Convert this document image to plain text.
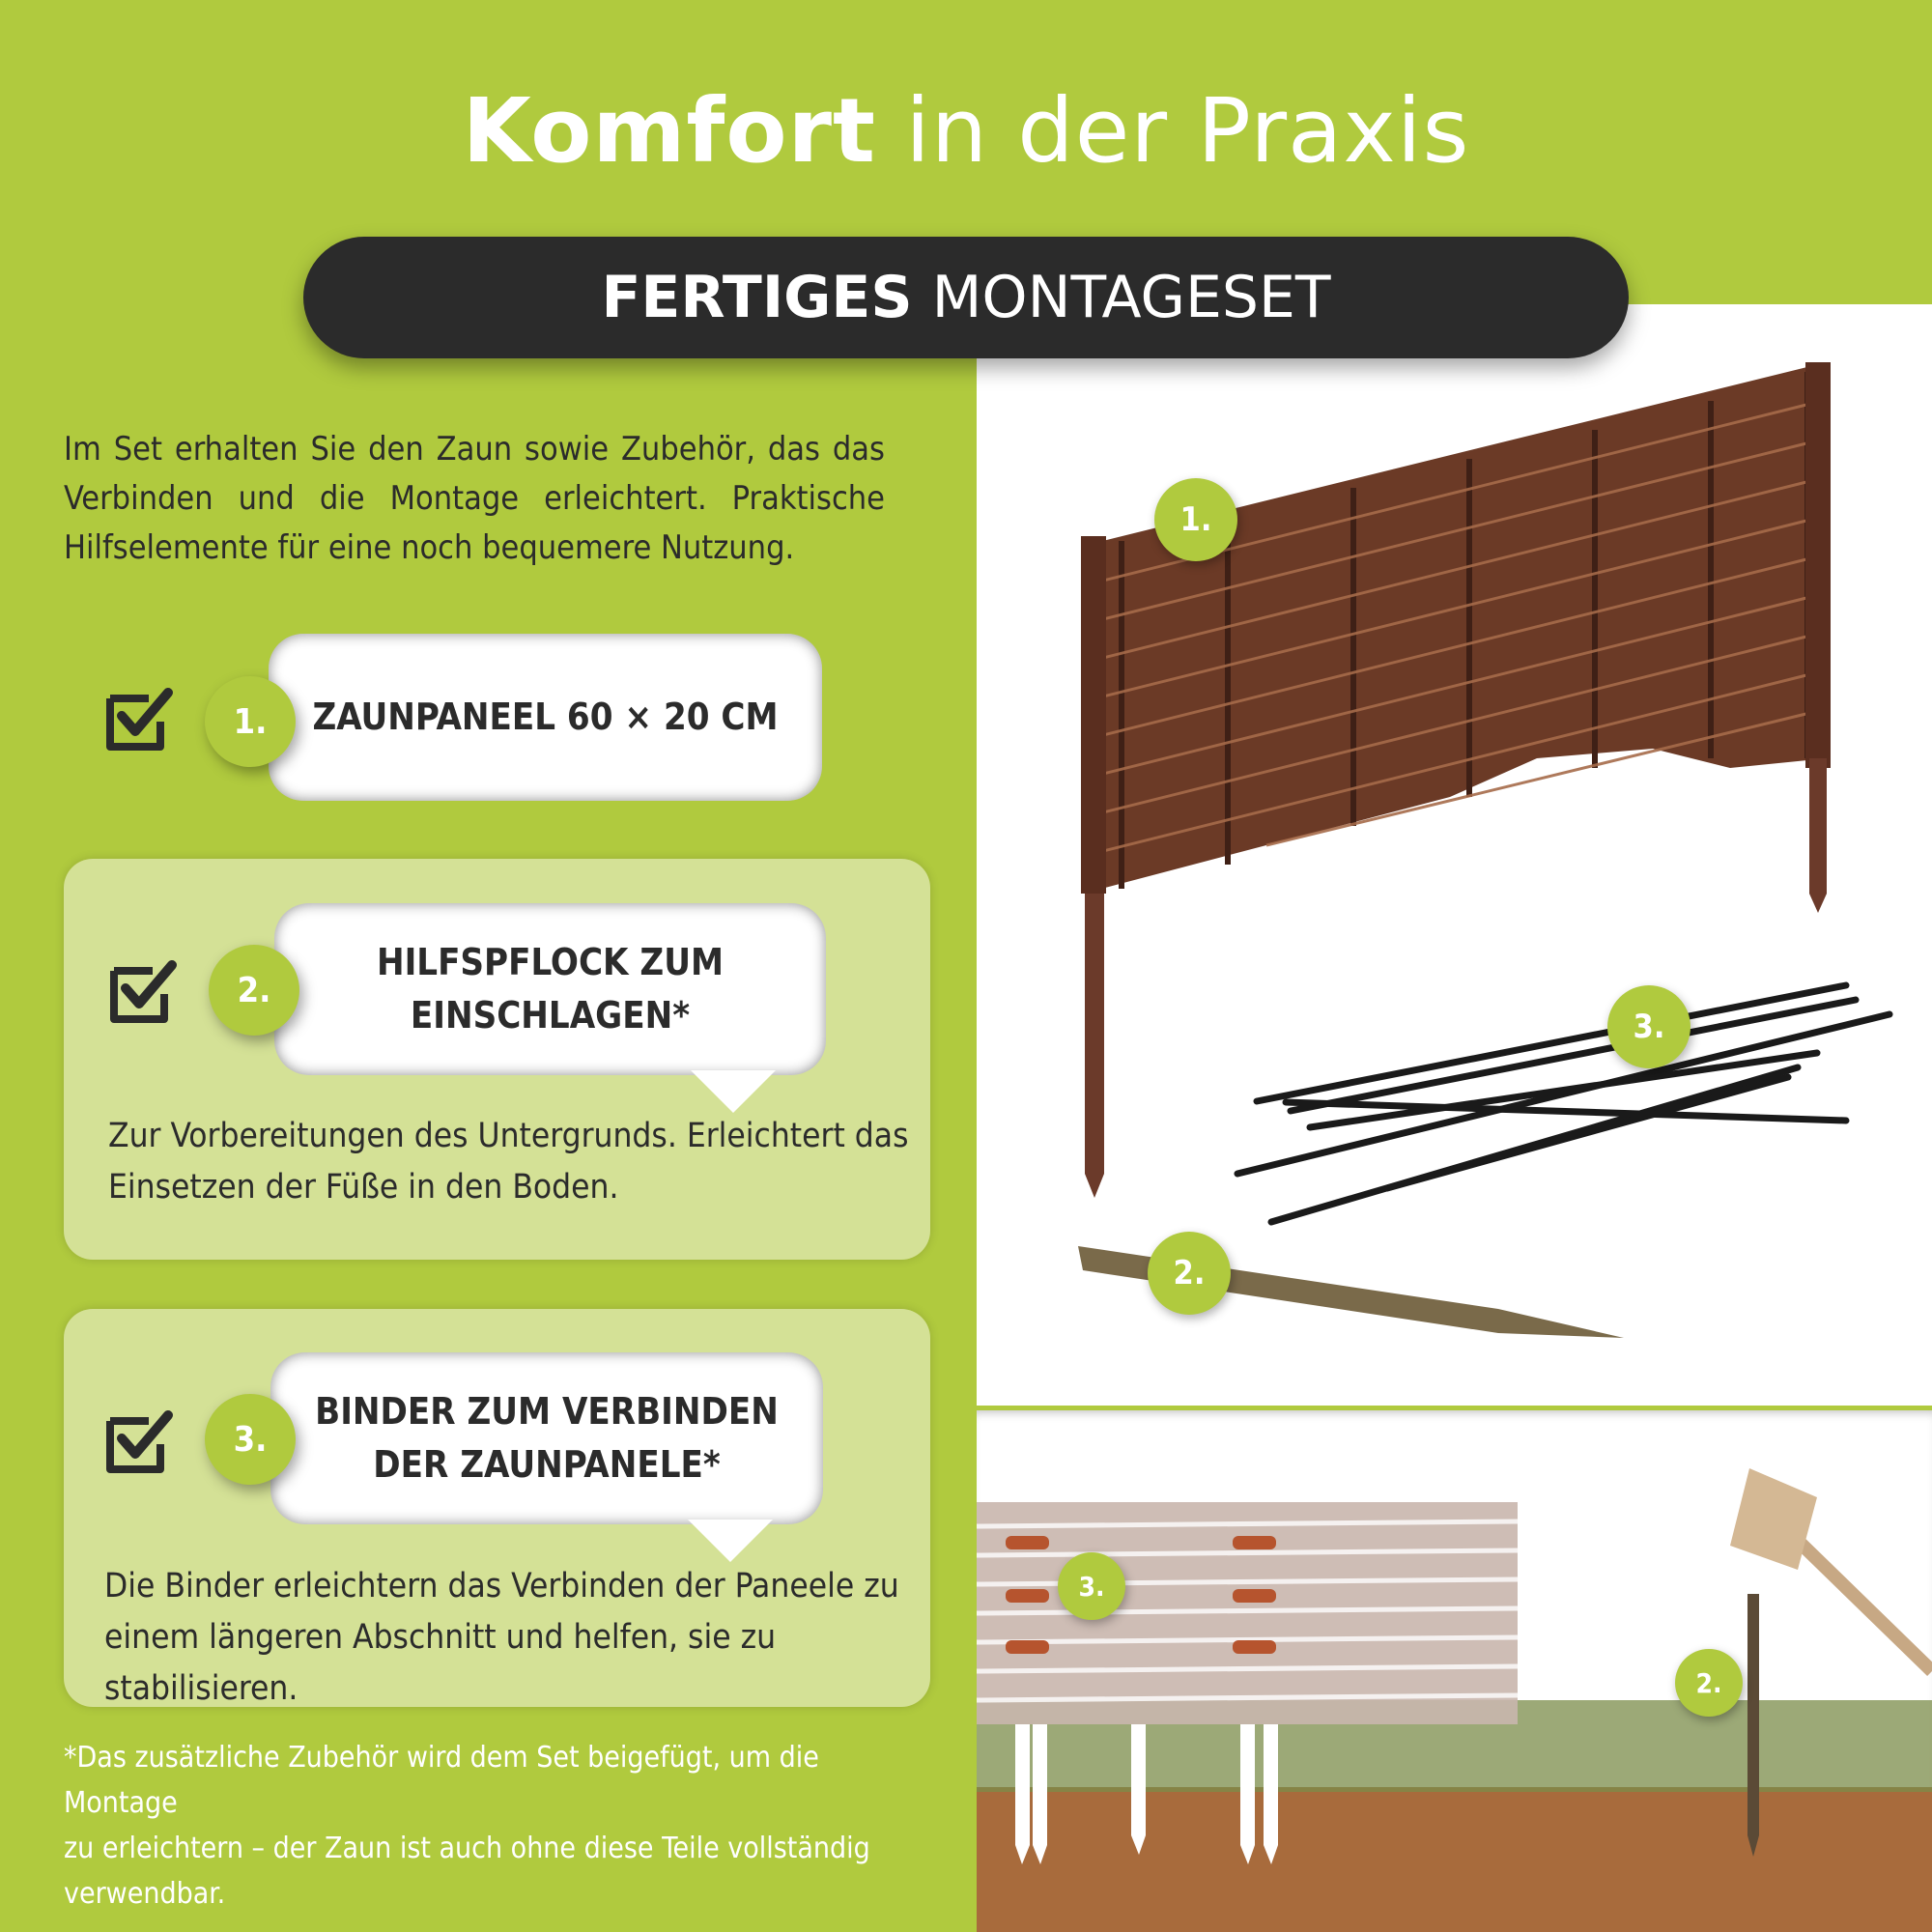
Komfort in der Praxis
1.
3.
2.
3.
2.
FERTIGES MONTAGESET
Im Set erhalten Sie den Zaun sowie Zubehör, das das Verbinden und die Montage erleichtert. Praktische Hilfselemente für eine noch bequemere Nutzung.
ZAUNPANEEL 60 × 20 CM
1.
HILFSPFLOCK ZUM
EINSCHLAGEN*
2.
Zur Vorbereitungen des Untergrunds. Erleichtert das
Einsetzen der Füße in den Boden.
BINDER ZUM VERBINDEN
DER ZAUNPANELE*
3.
Die Binder erleichtern das Verbinden der Paneele zu
einem längeren Abschnitt und helfen, sie zu stabilisieren.
*Das zusätzliche Zubehör wird dem Set beigefügt, um die Montage
zu erleichtern – der Zaun ist auch ohne diese Teile vollständig
verwendbar.
